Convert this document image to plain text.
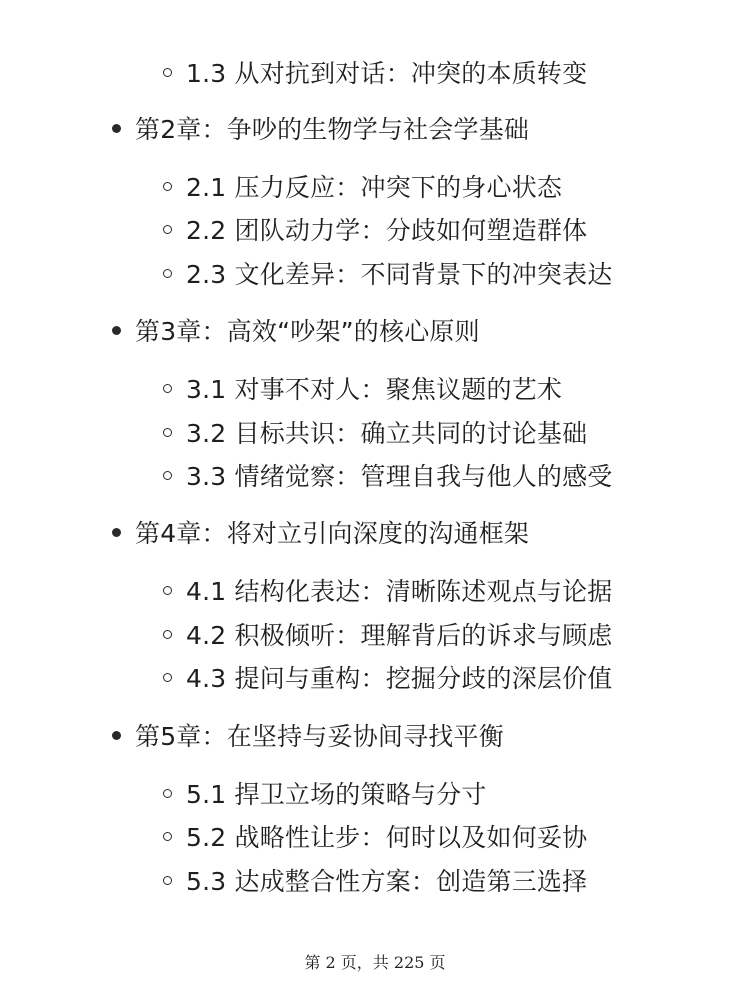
1.3 从对抗到对话：冲突的本质转变
第2章：争吵的生物学与社会学基础
2.1 压力反应：冲突下的身心状态
2.2 团队动力学：分歧如何塑造群体
2.3 文化差异：不同背景下的冲突表达
第3章：高效“吵架”的核心原则
3.1 对事不对人：聚焦议题的艺术
3.2 目标共识：确立共同的讨论基础
3.3 情绪觉察：管理自我与他人的感受
第4章：将对立引向深度的沟通框架
4.1 结构化表达：清晰陈述观点与论据
4.2 积极倾听：理解背后的诉求与顾虑
4.3 提问与重构：挖掘分歧的深层价值
第5章：在坚持与妥协间寻找平衡
5.1 捍卫立场的策略与分寸
5.2 战略性让步：何时以及如何妥协
5.3 达成整合性方案：创造第三选择
第 2 页，共 225 页
